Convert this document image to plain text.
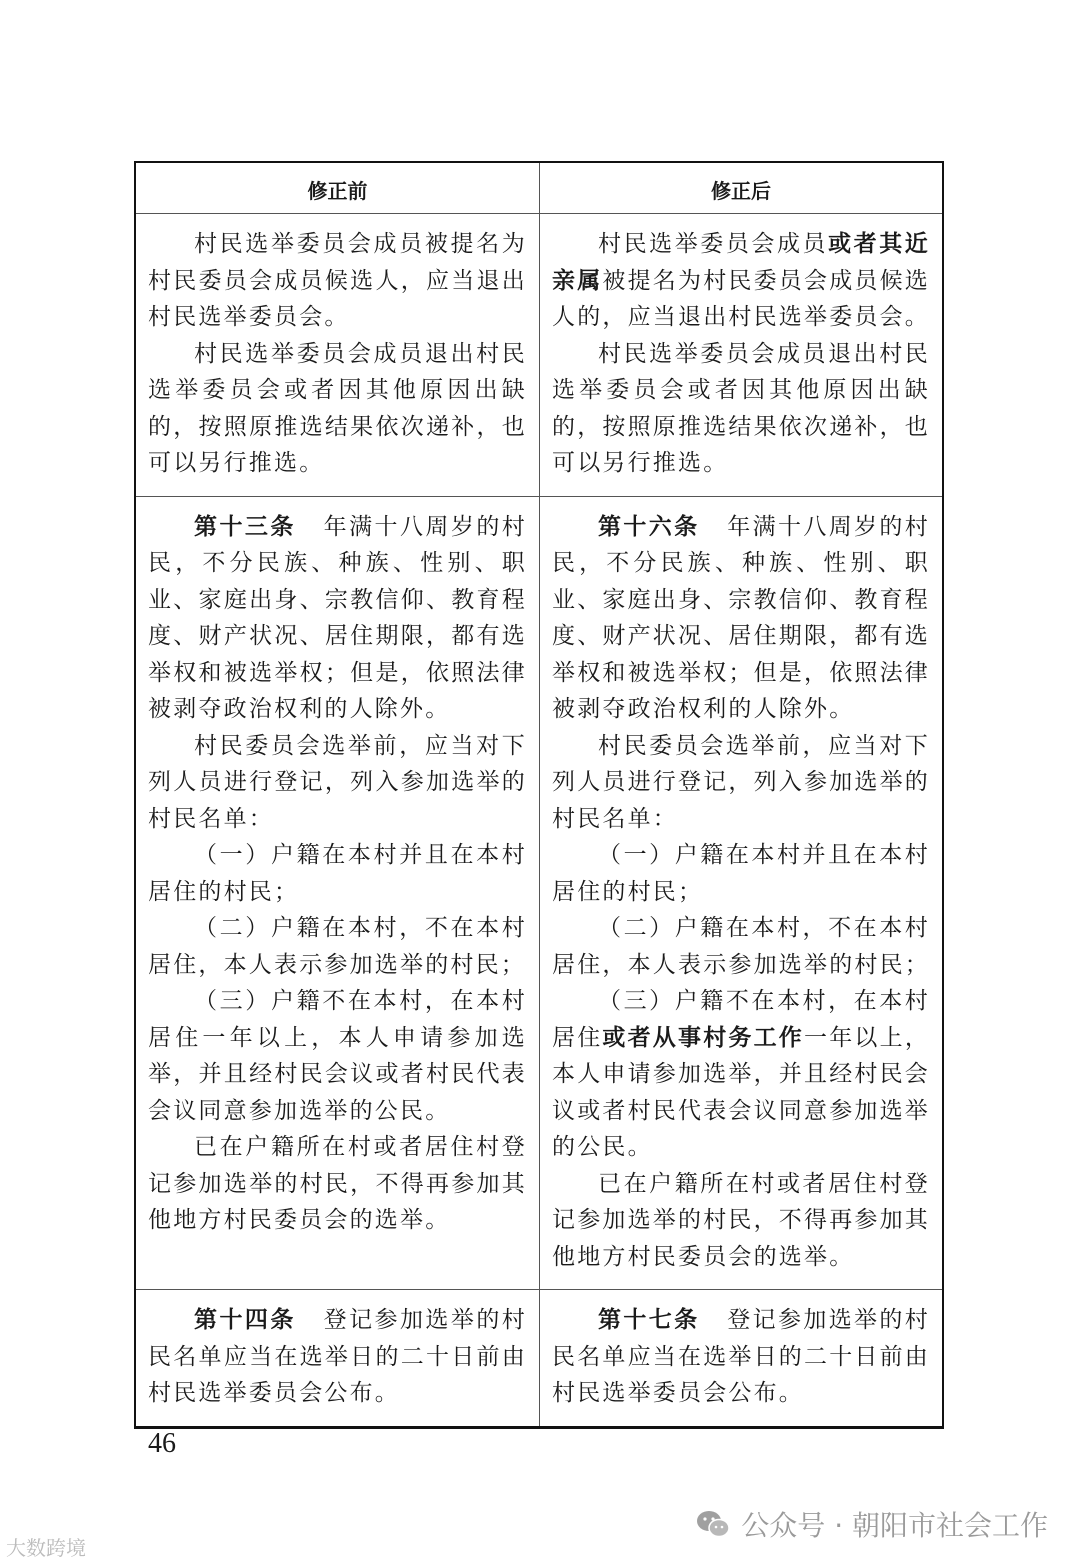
修正前	修正后

村民选举委员会成员被提名为村民委员会成员候选人，应当退出村民选举委员会。

村民选举委员会成员退出村民选举委员会或者因其他原因出缺的，按照原推选结果依次递补，也可以另行推选。

村民选举委员会成员或者其近亲属被提名为村民委员会成员候选人的，应当退出村民选举委员会。

村民选举委员会成员退出村民选举委员会或者因其他原因出缺的，按照原推选结果依次递补，也可以另行推选。

第十三条 年满十八周岁的村民，不分民族、种族、性别、职业、家庭出身、宗教信仰、教育程度、财产状况、居住期限，都有选举权和被选举权；但是，依照法律被剥夺政治权利的人除外。

村民委员会选举前，应当对下列人员进行登记，列入参加选举的村民名单：

（一）户籍在本村并且在本村居住的村民；

（二）户籍在本村，不在本村居住，本人表示参加选举的村民；

（三）户籍不在本村，在本村居住一年以上，本人申请参加选举，并且经村民会议或者村民代表会议同意参加选举的公民。

已在户籍所在村或者居住村登记参加选举的村民，不得再参加其他地方村民委员会的选举。

第十六条 年满十八周岁的村民，不分民族、种族、性别、职业、家庭出身、宗教信仰、教育程度、财产状况、居住期限，都有选举权和被选举权；但是，依照法律被剥夺政治权利的人除外。

村民委员会选举前，应当对下列人员进行登记，列入参加选举的村民名单：

（一）户籍在本村并且在本村居住的村民；

（二）户籍在本村，不在本村居住，本人表示参加选举的村民；

（三）户籍不在本村，在本村居住或者从事村务工作一年以上，本人申请参加选举，并且经村民会议或者村民代表会议同意参加选举的公民。

已在户籍所在村或者居住村登记参加选举的村民，不得再参加其他地方村民委员会的选举。

第十四条 登记参加选举的村民名单应当在选举日的二十日前由村民选举委员会公布。

第十七条 登记参加选举的村民名单应当在选举日的二十日前由村民选举委员会公布。

46
公众号 · 朝阳市社会工作
大数跨境
